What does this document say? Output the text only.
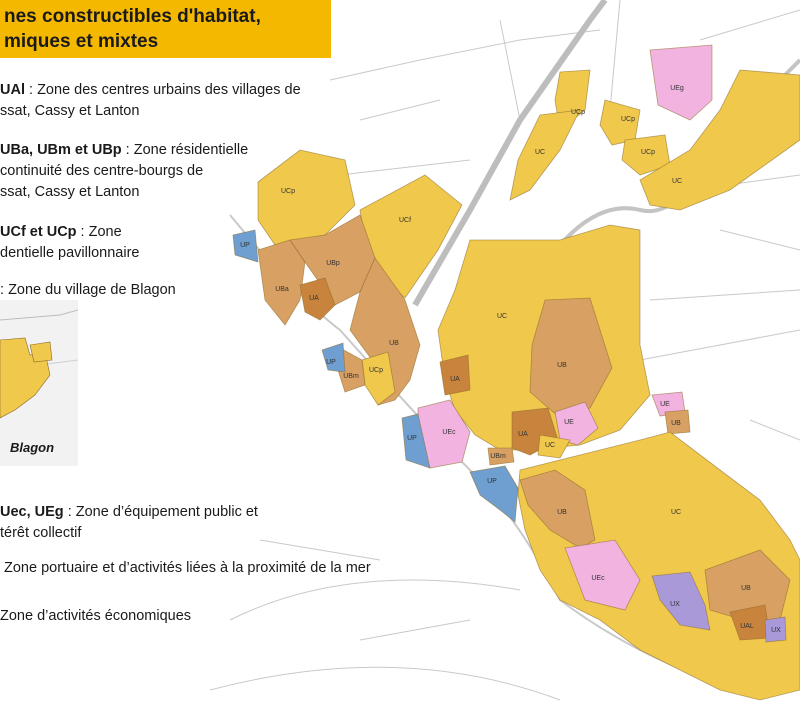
UCp
UCf
UP
UBa
UBp
UA
UB
UCp
UBm
UP
UCp
UC
UCp
UCp
UEg
UC
UC
UA
UB
UEc
UP
UA
UE
UBm
UC
UP
UE
UB
UB	UC
UEc
UX
UB
UAL
UX
nes constructibles d'habitat,
miques et mixtes
UAl : Zone des centres urbains des villages de
ssat, Cassy et Lanton
UBa, UBm et UBp : Zone résidentielle
continuité des centre-bourgs de
ssat, Cassy et Lanton
UCf et UCp : Zone
dentielle pavillonnaire
: Zone du village de Blagon
Blagon
Uec, UEg : Zone d’équipement public et
térêt collectif
Zone portuaire et d’activités liées à la proximité de la mer
Zone d’activités économiques
